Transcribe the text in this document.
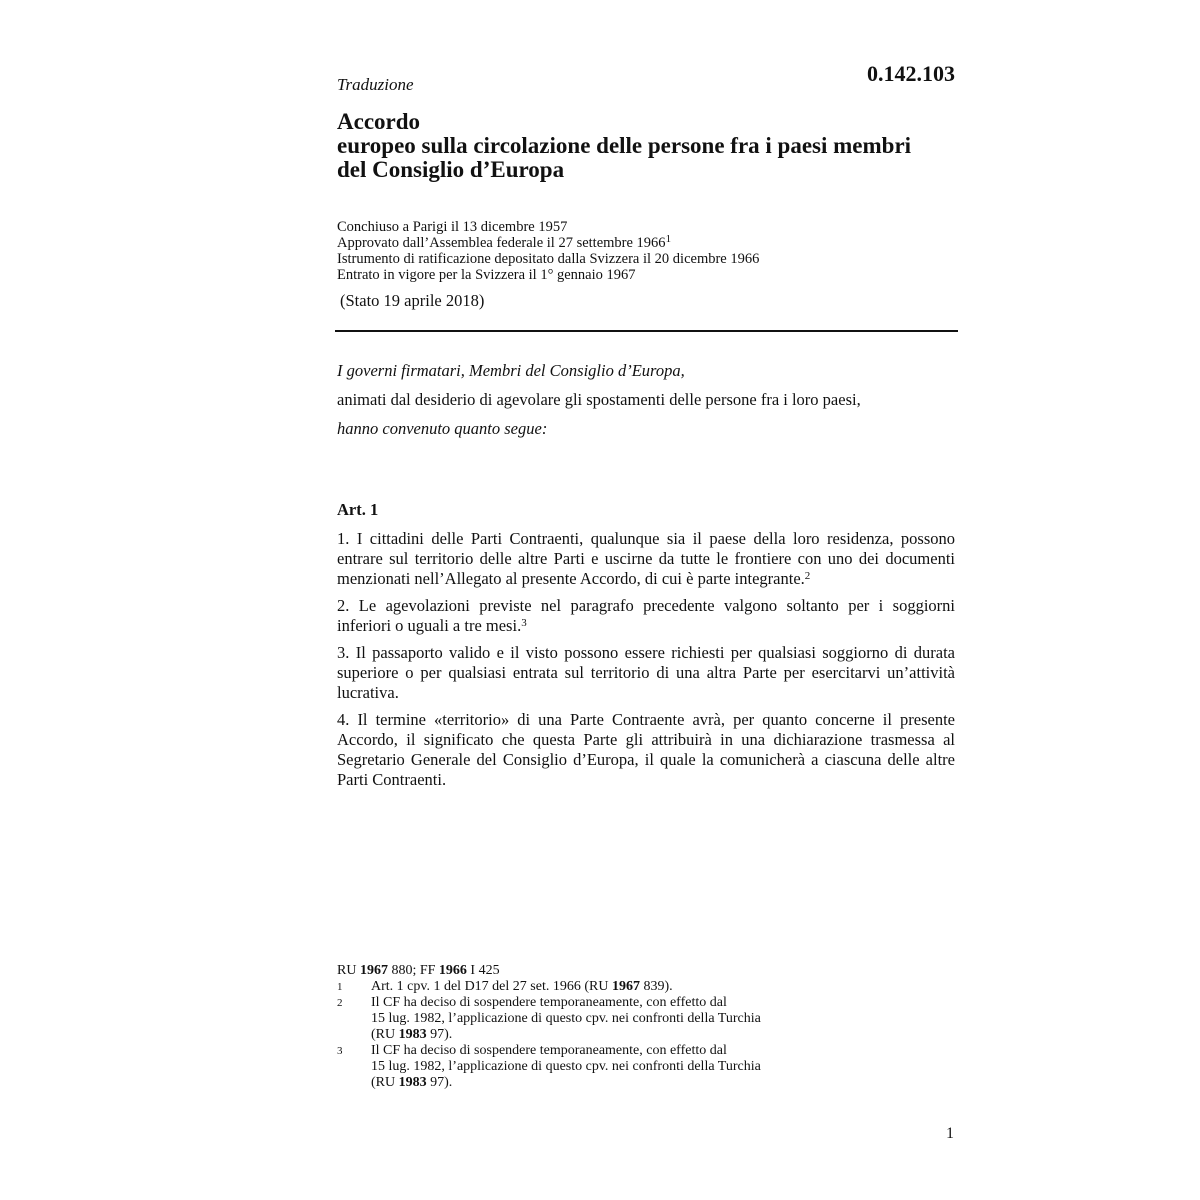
Traduzione	0.142.103
Accordo
europeo sulla circolazione delle persone fra i paesi membri
del Consiglio d’Europa
Conchiuso a Parigi il 13 dicembre 1957
Approvato dall’Assemblea federale il 27 settembre 1966$^1$
Istrumento di ratificazione depositato dalla Svizzera il 20 dicembre 1966
Entrato in vigore per la Svizzera il 1° gennaio 1967
(Stato 19 aprile 2018)

I governi firmatari, Membri del Consiglio d’Europa,

animati dal desiderio di agevolare gli spostamenti delle persone fra i loro paesi,

hanno convenuto quanto segue:

Art. 1

1. I cittadini delle Parti Contraenti, qualunque sia il paese della loro residenza, possono entrare sul territorio delle altre Parti e uscirne da tutte le frontiere con uno dei documenti menzionati nell’Allegato al presente Accordo, di cui è parte integrante.$^2$

2. Le agevolazioni previste nel paragrafo precedente valgono soltanto per i soggiorni inferiori o uguali a tre mesi.$^3$

3. Il passaporto valido e il visto possono essere richiesti per qualsiasi soggiorno di durata superiore o per qualsiasi entrata sul territorio di una altra Parte per esercitarvi un’attività lucrativa.

4. Il termine «territorio» di una Parte Contraente avrà, per quanto concerne il presente Accordo, il significato che questa Parte gli attribuirà in una dichiarazione trasmessa al Segretario Generale del Consiglio d’Europa, il quale la comunicherà a ciascuna delle altre Parti Contraenti.

RU 1967 880; FF 1966 I 425
1	Art. 1 cpv. 1 del D17 del 27 set. 1966 (RU 1967 839).
2	Il CF ha deciso di sospendere temporaneamente, con effetto dal
15 lug. 1982, l’applicazione di questo cpv. nei confronti della Turchia
(RU 1983 97).
3	Il CF ha deciso di sospendere temporaneamente, con effetto dal
15 lug. 1982, l’applicazione di questo cpv. nei confronti della Turchia
(RU 1983 97).
1
